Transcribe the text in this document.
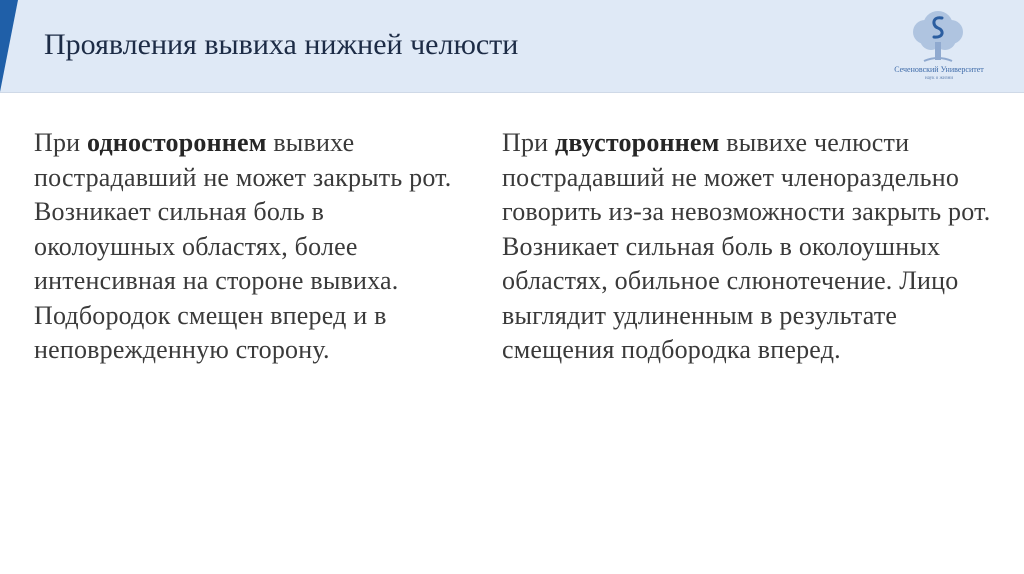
Проявления вывиха нижней челюсти
Сеченовский Университет
наук о жизни
При одностороннем вывихе пострадавший не может закрыть рот. Возникает сильная боль в околоушных областях, более интенсивная на стороне вывиха. Подбородок смещен вперед и в неповрежденную сторону.
При двустороннем вывихе челюсти пострадавший не может членораздельно говорить из-за невозможности закрыть рот. Возникает сильная боль в околоушных областях, обильное слюнотечение. Лицо выглядит удлиненным в результате смещения подбородка вперед.
